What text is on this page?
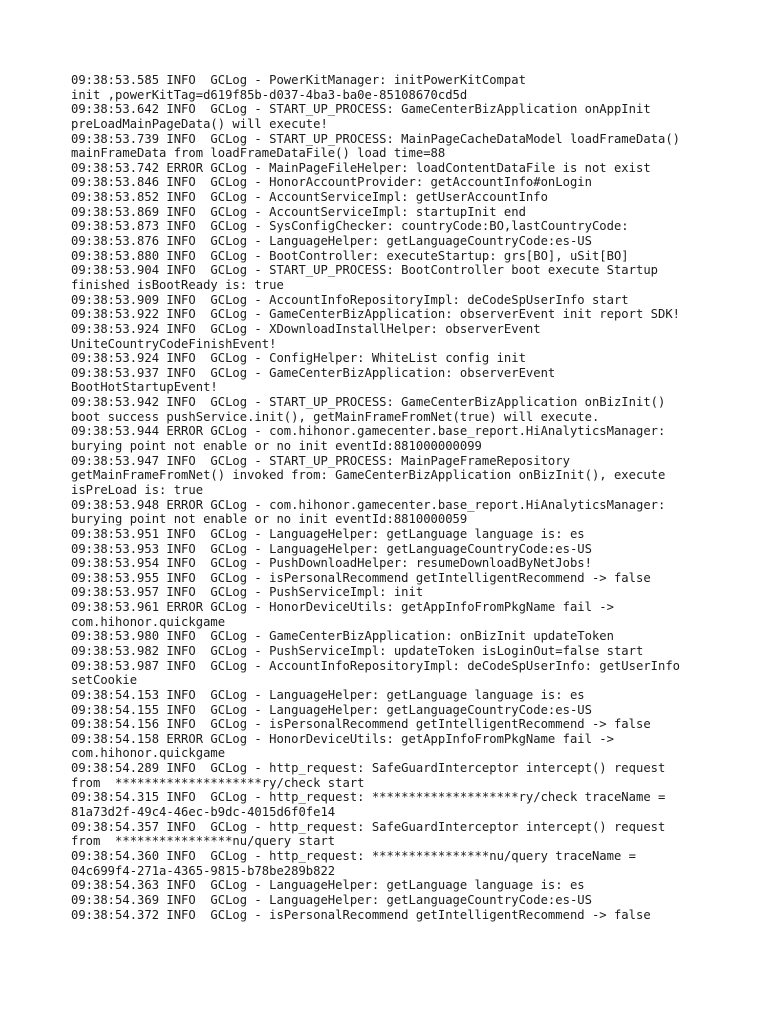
09:38:53.585 INFO  GCLog - PowerKitManager: initPowerKitCompat
init ,powerKitTag=d619f85b-d037-4ba3-ba0e-85108670cd5d
09:38:53.642 INFO  GCLog - START_UP_PROCESS: GameCenterBizApplication onAppInit
preLoadMainPageData() will execute!
09:38:53.739 INFO  GCLog - START_UP_PROCESS: MainPageCacheDataModel loadFrameData()
mainFrameData from loadFrameDataFile() load time=88
09:38:53.742 ERROR GCLog - MainPageFileHelper: loadContentDataFile is not exist
09:38:53.846 INFO  GCLog - HonorAccountProvider: getAccountInfo#onLogin
09:38:53.852 INFO  GCLog - AccountServiceImpl: getUserAccountInfo
09:38:53.869 INFO  GCLog - AccountServiceImpl: startupInit end
09:38:53.873 INFO  GCLog - SysConfigChecker: countryCode:BO,lastCountryCode:
09:38:53.876 INFO  GCLog - LanguageHelper: getLanguageCountryCode:es-US
09:38:53.880 INFO  GCLog - BootController: executeStartup: grs[BO], uSit[BO]
09:38:53.904 INFO  GCLog - START_UP_PROCESS: BootController boot execute Startup
finished isBootReady is: true
09:38:53.909 INFO  GCLog - AccountInfoRepositoryImpl: deCodeSpUserInfo start
09:38:53.922 INFO  GCLog - GameCenterBizApplication: observerEvent init report SDK!
09:38:53.924 INFO  GCLog - XDownloadInstallHelper: observerEvent
UniteCountryCodeFinishEvent!
09:38:53.924 INFO  GCLog - ConfigHelper: WhiteList config init
09:38:53.937 INFO  GCLog - GameCenterBizApplication: observerEvent
BootHotStartupEvent!
09:38:53.942 INFO  GCLog - START_UP_PROCESS: GameCenterBizApplication onBizInit()
boot success pushService.init(), getMainFrameFromNet(true) will execute.
09:38:53.944 ERROR GCLog - com.hihonor.gamecenter.base_report.HiAnalyticsManager:
burying point not enable or no init eventId:881000000099
09:38:53.947 INFO  GCLog - START_UP_PROCESS: MainPageFrameRepository
getMainFrameFromNet() invoked from: GameCenterBizApplication onBizInit(), execute
isPreLoad is: true
09:38:53.948 ERROR GCLog - com.hihonor.gamecenter.base_report.HiAnalyticsManager:
burying point not enable or no init eventId:8810000059
09:38:53.951 INFO  GCLog - LanguageHelper: getLanguage language is: es
09:38:53.953 INFO  GCLog - LanguageHelper: getLanguageCountryCode:es-US
09:38:53.954 INFO  GCLog - PushDownloadHelper: resumeDownloadByNetJobs!
09:38:53.955 INFO  GCLog - isPersonalRecommend getIntelligentRecommend -> false
09:38:53.957 INFO  GCLog - PushServiceImpl: init
09:38:53.961 ERROR GCLog - HonorDeviceUtils: getAppInfoFromPkgName fail ->
com.hihonor.quickgame
09:38:53.980 INFO  GCLog - GameCenterBizApplication: onBizInit updateToken
09:38:53.982 INFO  GCLog - PushServiceImpl: updateToken isLoginOut=false start
09:38:53.987 INFO  GCLog - AccountInfoRepositoryImpl: deCodeSpUserInfo: getUserInfo
setCookie
09:38:54.153 INFO  GCLog - LanguageHelper: getLanguage language is: es
09:38:54.155 INFO  GCLog - LanguageHelper: getLanguageCountryCode:es-US
09:38:54.156 INFO  GCLog - isPersonalRecommend getIntelligentRecommend -> false
09:38:54.158 ERROR GCLog - HonorDeviceUtils: getAppInfoFromPkgName fail ->
com.hihonor.quickgame
09:38:54.289 INFO  GCLog - http_request: SafeGuardInterceptor intercept() request
from  ********************ry/check start
09:38:54.315 INFO  GCLog - http_request: ********************ry/check traceName =
81a73d2f-49c4-46ec-b9dc-4015d6f0fe14
09:38:54.357 INFO  GCLog - http_request: SafeGuardInterceptor intercept() request
from  ****************nu/query start
09:38:54.360 INFO  GCLog - http_request: ****************nu/query traceName =
04c699f4-271a-4365-9815-b78be289b822
09:38:54.363 INFO  GCLog - LanguageHelper: getLanguage language is: es
09:38:54.369 INFO  GCLog - LanguageHelper: getLanguageCountryCode:es-US
09:38:54.372 INFO  GCLog - isPersonalRecommend getIntelligentRecommend -> false
